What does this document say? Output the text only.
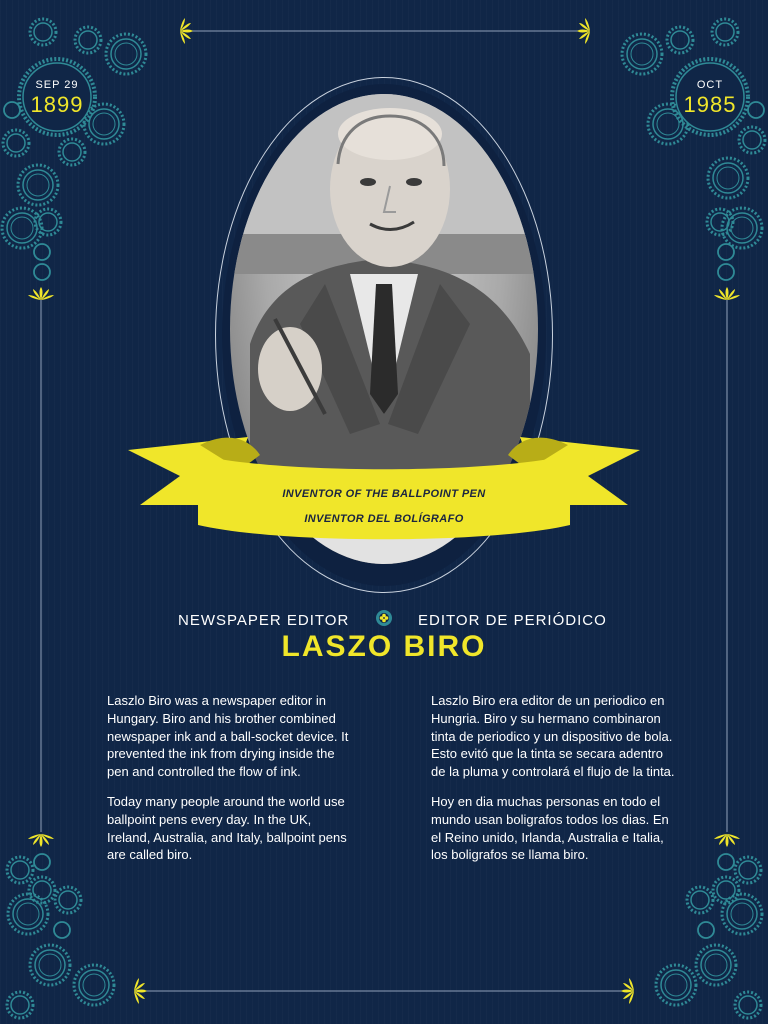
SEP 29
1899
OCT
1985
INVENTOR OF THE BALLPOINT PEN
INVENTOR DEL BOLÍGRAFO
NEWSPAPER EDITOR	EDITOR DE PERIÓDICO
LASZO BIRO

Laszlo Biro was a newspaper editor in Hungary. Biro and his brother combined newspaper ink and a ball-socket device. It prevented the ink from drying inside the pen and controlled the flow of ink.

Today many people around the world use ballpoint pens every day. In the UK, Ireland, Australia, and Italy, ballpoint pens are called biro.

Laszlo Biro era editor de un periodico en Hungria. Biro y su hermano combinaron tinta de periodico y un dispositivo de bola. Esto evitó que la tinta se secara adentro de la pluma y controlará el flujo de la tinta.

Hoy en dia muchas personas en todo el mundo usan boligrafos todos los dias. En el Reino unido, Irlanda, Australia e Italia, los boligrafos se llama biro.
